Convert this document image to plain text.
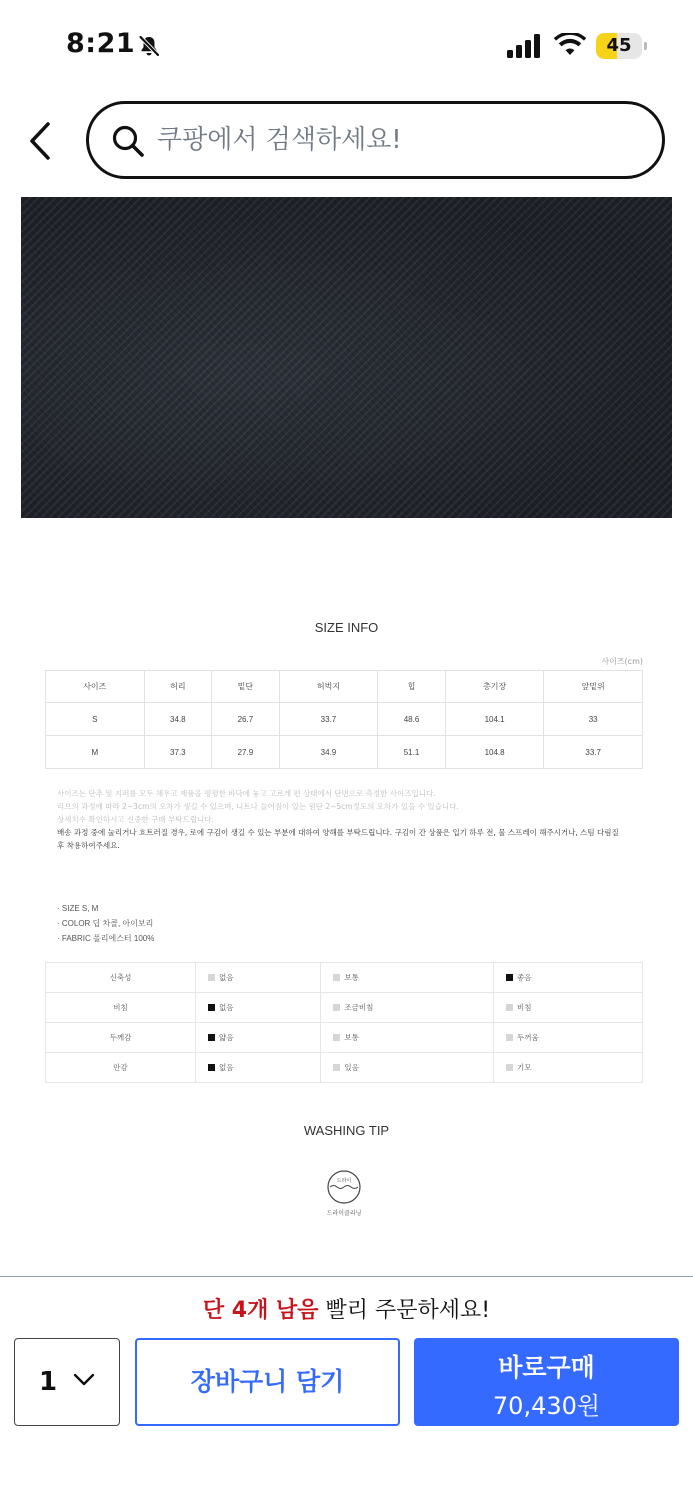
8:21	45
쿠팡에서 검색하세요!
SIZE INFO
사이즈(cm)
사이즈	허리	밑단	허벅지	힙	총기장	앞밑위
S	34.8	26.7	33.7	48.6	104.1	33
M	37.3	27.9	34.9	51.1	104.8	33.7
사이즈는 단추 및 지퍼를 모두 채우고 제품을 평평한 바닥에 놓고 고르게 편 상태에서 단면으로 측정한 사이즈입니다.
리브의 과정에 따라 2~3cm의 오차가 생길 수 있으며, 니트나 늘어짐이 있는 원단 2~5cm정도의 오차가 있을 수 있습니다.
상세치수 확인하시고 신중한 구매 부탁드립니다.
배송 과정 중에 눌리거나 흐트러질 경우, 로에 구김이 생길 수 있는 부분에 대하여 양해를 부탁드립니다. 구김이 간 상품은 입기 하루 전, 물 스프레이 해주시거나, 스팀 다림질
후 착용하여주세요.
· SIZE S, M
· COLOR 딥 차콜, 아이보리
· FABRIC 폴리에스터 100%
신축성	없음	보통	좋음
비침	없음	조금비침	비침
두께감	얇음	보통	두꺼움
안감	없음	있음	기모
WASHING TIP
드라이
드라이클리닝
단 4개 남음 빨리 주문하세요!
1	장바구니 담기	바로구매
70,430원
